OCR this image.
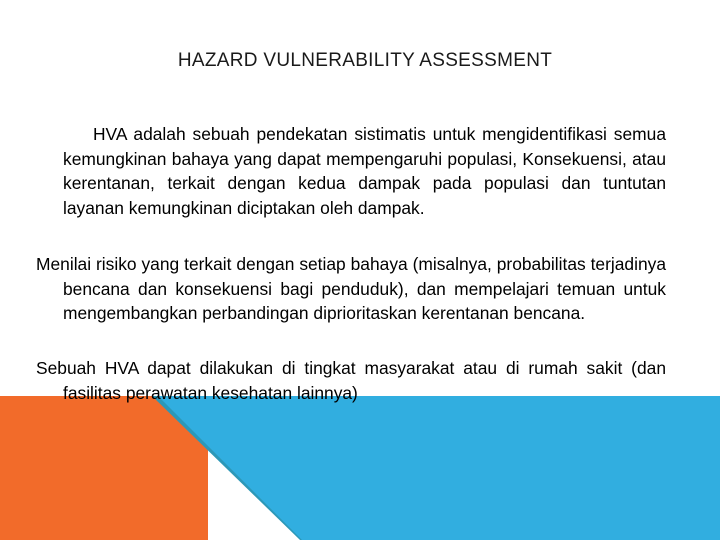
HAZARD VULNERABILITY ASSESSMENT

HVA adalah sebuah pendekatan sistimatis untuk mengidentifikasi semua kemungkinan bahaya yang dapat mempengaruhi populasi, Konsekuensi, atau kerentanan, terkait dengan kedua dampak pada populasi dan tuntutan layanan kemungkinan diciptakan oleh dampak.

Menilai risiko yang terkait dengan setiap bahaya (misalnya, probabilitas terjadinya bencana dan konsekuensi bagi penduduk), dan mempelajari temuan untuk mengembangkan perbandingan diprioritaskan kerentanan bencana.

Sebuah HVA dapat dilakukan di tingkat masyarakat atau di rumah sakit (dan fasilitas perawatan kesehatan lainnya)
